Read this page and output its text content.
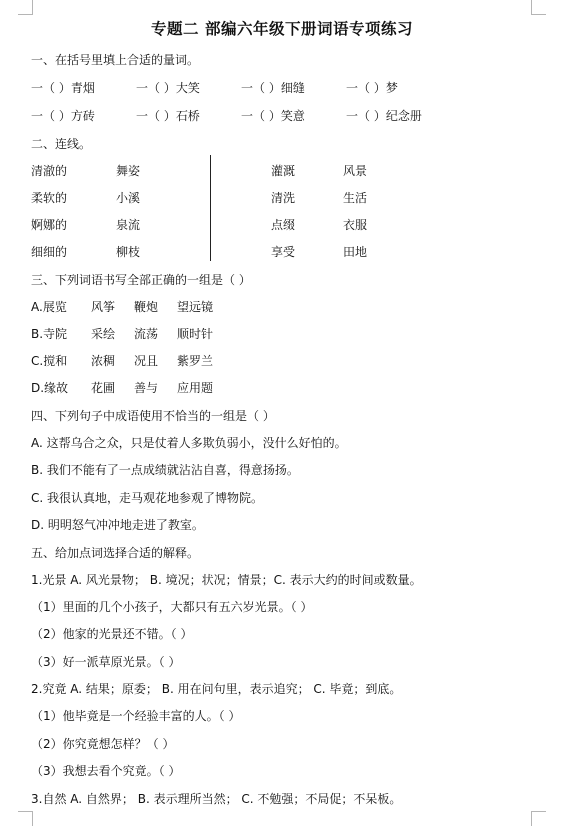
专题二 部编六年级下册词语专项练习
一、在括号里填上合适的量词。
一（ ）青烟	一（ ）大笑	一（ ）细缝	一（ ）梦
一（ ）方砖	一（ ）石桥	一（ ）笑意	一（ ）纪念册
二、连线。
清澈的	舞姿	灌溉	风景
柔软的	小溪	清洗	生活
婀娜的	泉流	点缀	衣服
细细的	柳枝	享受	田地
三、下列词语书写全部正确的一组是（ ）
A.展览 风筝 鞭炮 望远镜
B.寺院 采绘 流荡 顺时针
C.搅和 浓稠 况且 紫罗兰
D.缘故 花圃 善与 应用题
四、下列句子中成语使用不恰当的一组是（ ）
A. 这帮乌合之众，只是仗着人多欺负弱小，没什么好怕的。
B. 我们不能有了一点成绩就沾沾自喜，得意扬扬。
C. 我很认真地，走马观花地参观了博物院。
D. 明明怒气冲冲地走进了教室。
五、给加点词选择合适的解释。
1.光景 A. 风光景物； B. 境况；状况；情景；C. 表示大约的时间或数量。
（1）里面的几个小孩子，大都只有五六岁光景。（ ）
（2）他家的光景还不错。（ ）
（3）好一派草原光景。（ ）
2.究竟 A. 结果；原委； B. 用在问句里，表示追究； C. 毕竟；到底。
（1）他毕竟是一个经验丰富的人。（ ）
（2）你究竟想怎样？（ ）
（3）我想去看个究竟。（ ）
3.自然 A. 自然界； B. 表示理所当然； C. 不勉强；不局促；不呆板。
